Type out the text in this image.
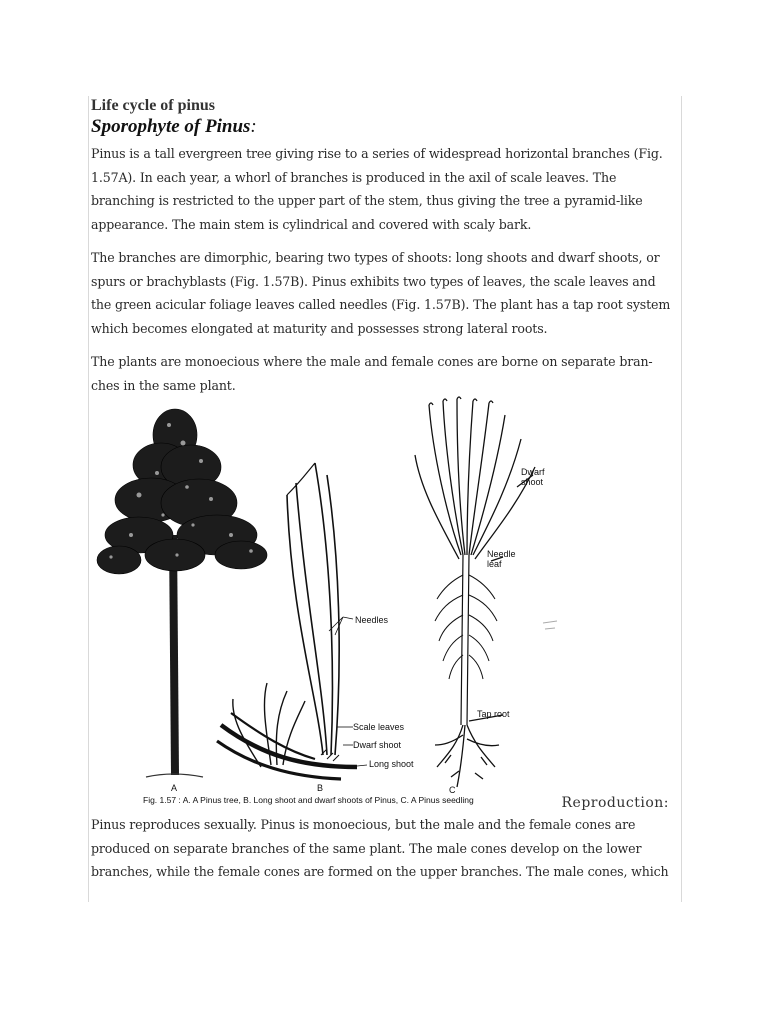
Life cycle of pinus
Sporophyte of Pinus:

Pinus is a tall evergreen tree giving rise to a series of widespread horizontal branches (Fig. 1.57A). In each year, a whorl of branches is produced in the axil of scale leaves. The branching is restricted to the upper part of the stem, thus giving the tree a pyramid-like appearance. The main stem is cylindrical and covered with scaly bark.

The branches are dimorphic, bearing two types of shoots: long shoots and dwarf shoots, or spurs or brachyblasts (Fig. 1.57B). Pinus exhibits two types of leaves, the scale leaves and the green acicular foliage leaves called needles (Fig. 1.57B). The plant has a tap root system which becomes elongated at maturity and possesses strong lateral roots.

The plants are monoecious where the male and female cones are borne on separate bran-ches in the same plant.

A
Needles
Scale leaves
Dwarf shoot
Long shoot
B
Dwarf
shoot
Needle
leaf
Tap root
C
Fig. 1.57 : A. A Pinus tree, B. Long shoot and dwarf shoots of Pinus, C. A Pinus seedling	Reproduction:

Pinus reproduces sexually. Pinus is monoecious, but the male and the female cones are produced on separate branches of the same plant. The male cones develop on the lower branches, while the female cones are formed on the upper branches. The male cones, which
